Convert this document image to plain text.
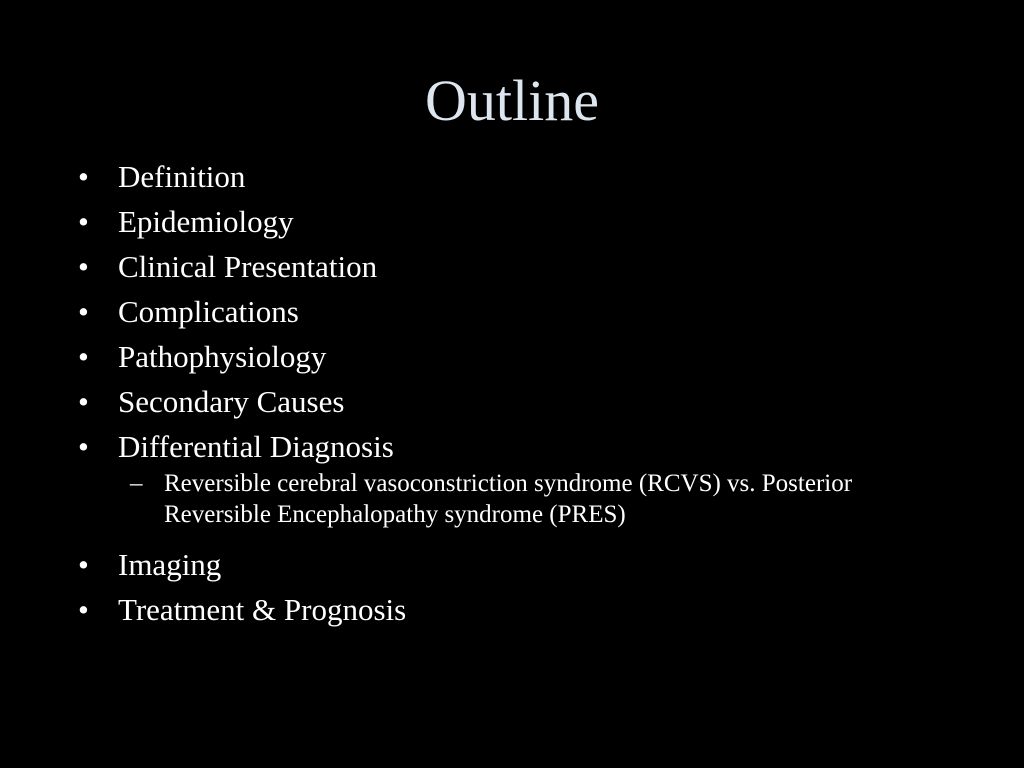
Outline
• Definition
• Epidemiology
• Clinical Presentation
• Complications
• Pathophysiology
• Secondary Causes
• Differential Diagnosis
– Reversible cerebral vasoconstriction syndrome (RCVS) vs. Posterior Reversible Encephalopathy syndrome (PRES)
• Imaging
• Treatment & Prognosis
